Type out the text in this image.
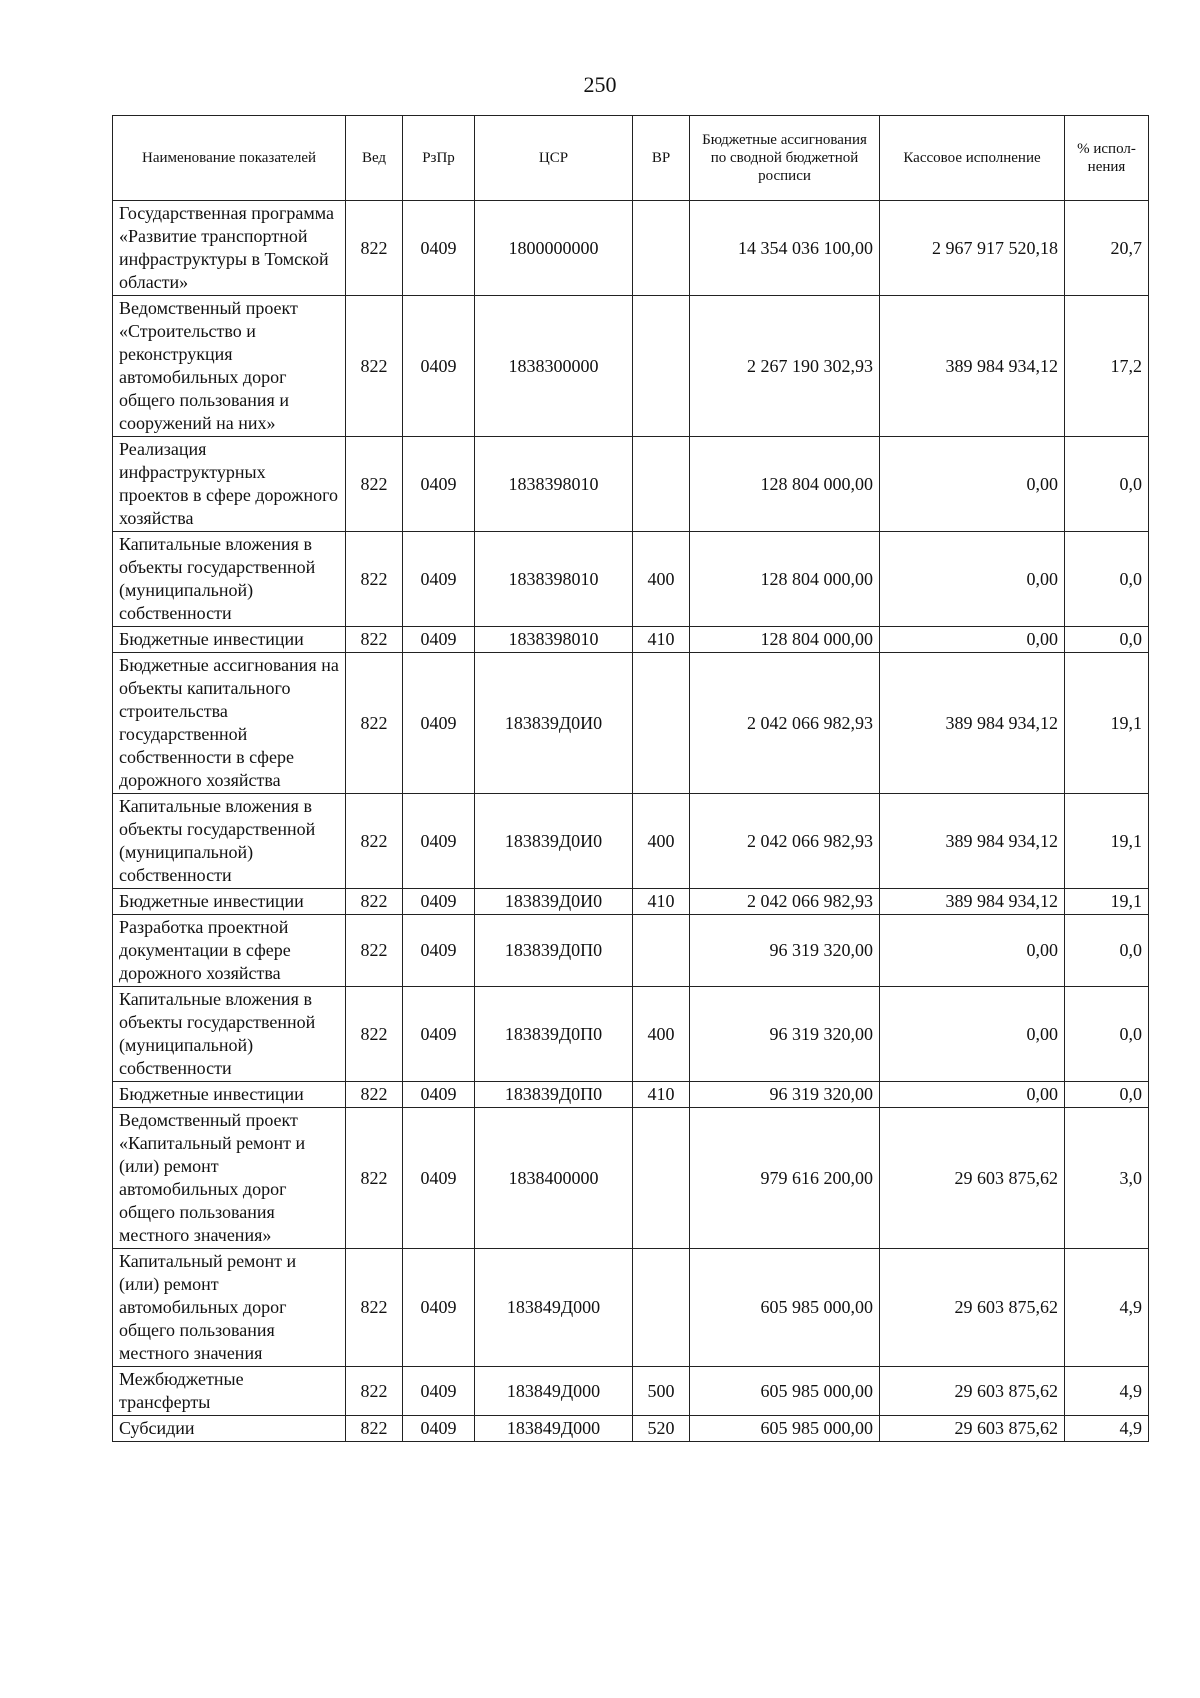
250
Наименование показателей	Вед	РзПр	ЦСР	ВР	Бюджетные ассигнования по сводной бюджетной росписи	Кассовое исполнение	% испол- нения
Государственная программа «Развитие транспортной инфраструктуры в Томской области»	822	0409	1800000000		14 354 036 100,00	2 967 917 520,18	20,7
Ведомственный проект «Строительство и реконструкция автомобильных дорог общего пользования и сооружений на них»	822	0409	1838300000		2 267 190 302,93	389 984 934,12	17,2
Реализация инфраструктурных проектов в сфере дорожного хозяйства	822	0409	1838398010		128 804 000,00	0,00	0,0
Капитальные вложения в объекты государственной (муниципальной) собственности	822	0409	1838398010	400	128 804 000,00	0,00	0,0
Бюджетные инвестиции	822	0409	1838398010	410	128 804 000,00	0,00	0,0
Бюджетные ассигнования на объекты капитального строительства государственной собственности в сфере дорожного хозяйства	822	0409	183839Д0И0		2 042 066 982,93	389 984 934,12	19,1
Капитальные вложения в объекты государственной (муниципальной) собственности	822	0409	183839Д0И0	400	2 042 066 982,93	389 984 934,12	19,1
Бюджетные инвестиции	822	0409	183839Д0И0	410	2 042 066 982,93	389 984 934,12	19,1
Разработка проектной документации в сфере дорожного хозяйства	822	0409	183839Д0П0		96 319 320,00	0,00	0,0
Капитальные вложения в объекты государственной (муниципальной) собственности	822	0409	183839Д0П0	400	96 319 320,00	0,00	0,0
Бюджетные инвестиции	822	0409	183839Д0П0	410	96 319 320,00	0,00	0,0
Ведомственный проект «Капитальный ремонт и (или) ремонт автомобильных дорог общего пользования местного значения»	822	0409	1838400000		979 616 200,00	29 603 875,62	3,0
Капитальный ремонт и (или) ремонт автомобильных дорог общего пользования местного значения	822	0409	183849Д000		605 985 000,00	29 603 875,62	4,9
Межбюджетные трансферты	822	0409	183849Д000	500	605 985 000,00	29 603 875,62	4,9
Субсидии	822	0409	183849Д000	520	605 985 000,00	29 603 875,62	4,9
